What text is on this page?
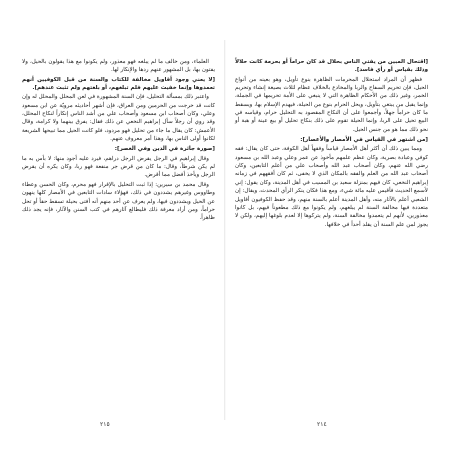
[اقتحال المبين من يفتي الناس بحلال قد كان حراماً أو بحرمة كانت حلالاً وذلك بقياس أو رأي فاسد].

فظهر أن المراد استحلال المحرمات الظاهرة بنوع تأويل، وهو بعينه من أنواع الحيل، فإن تحريم السفاح والربا والمخادع بالخلاف عظام لثلاث بصيغة إنشاء وتحريم الخمر، وغير ذلك من الأحكام الظاهرة التي لا ينبغي على الأمة تحريمها في الجملة، وإنما يقبل من يبتغي بتأويل، ويحل الحرام بنوع من الحيلة، فيهدم الإسلام بها، ويسقط ما كان حراماً جهلاً، وأجمعوا على أن النكاح المقصود به التحليل حرام، وقياسه في البيع تحيل على الربا، وإنما الحيلة تقوم على ذلك بنكاح تحليل أو بيع عينة أو هبة أو نحو ذلك مما هو من جنس الحيل.

[من اشتهر في القياس في الأمصار والأعصار]:

ومما يبين ذلك أن أكثر أهل الأمصار قياساً وفقهاً أهل الكوفة، حتى كان يقال: فقه كوفي وعبادة بصرية، وكان عظم علمهم مأخوذ عن عمر وعلي وعبد الله بن مسعود رضي الله عنهم، وكان أصحاب عبد الله وأصحاب علي من أعلم التابعين، وكان أصحاب عبد الله من العلم والفقه بالمكان الذي لا يخفى، ثم كان أفقههم في زمانه إبراهيم النخعي، كان فيهم بمنزلة سعيد بن المسيب في أهل المدينة، وكان يقول: إني لأسمع الحديث فأقيس عليه مائة شيء، ومع هذا فكان ينكر الرأي المحدث، ويقال: إن الشعبي أعلم بالآثار منه، وأهل المدينة أعلم بالسنة منهم، وقد حفظ الكوفيون أقاويل متعددة فيها مخالفة السنة لم يبلغهم، ولم يكونوا مع ذلك مطعوناً فيهم، بل كانوا معذورين، لأنهم لم يتعمدوا مخالفة السنة، ولم يتركوها إلا لعدم بلوغها إليهم، ولكن لا يجوز لمن علم السنة أن يقلد أحداً في خلافها.

٢١٤

العلماء، ومن خالف ما لم يبلغه فهو معذور، ولم يكونوا مع هذا يقولون بالحيل، ولا يفتون بها، بل المشهور عنهم ردها والإنكار لها.

[لا يعني وجود أقاويل مخالفة للكتاب والسنة من قبل الكوفيين أنهم تعمدوها وإنما خفيت عليهم فلم تبلغهم، أو بلغتهم ولم تثبت عندهم].

واعتبر ذلك بمسألة التحليل، فإن السنة المشهورة في لعن المحلل والمحلل له وإن كانت قد خرجت من الحرمين ومن العراق، فإن أشهر أحاديثه مرويّة عن ابن مسعود وعلي، وكان أصحاب ابن مسعود وأصحاب علي من أشد الناس إنكاراً لنكاح المحلل، وقد روي أن رجلاً سأل إبراهيم النخعي عن ذلك فقال: يفرق بينهما ولا كرامة، وقال الأعمش: كان يقال ما جاء من تحليل فهو مردود، فلو كانت الحيل مما تبيحها الشريعة لكانوا أولى الناس بها، وهذا أمر معروف عنهم.

[صورة جائرة في الدين وفي العصر]:

وقال إبراهيم في الرجل يقرض الرجل دراهم، فيرد عليه أجود منها: لا بأس به ما لم يكن شرطاً، وقال: ما كان من قرض جر منفعة فهو ربا، وكان يكره أن يقرض الرجل ويأخذ أفضل مما أقرض.

وقال محمد بن سيرين: إذا ثبت التحليل بالإقرار فهو محرم، وكان الحسن وعطاء وطاووس وغيرهم يشددون في ذلك، فهؤلاء سادات التابعين في الأمصار كلها ينهون عن الحيل ويشددون فيها، ولم يعرف عن أحد منهم أنه أفتى بحيلة تسقط حقاً أو تحل حراماً، ومن أراد معرفة ذلك فليطالع آثارهم في كتب السنن والآثار، فإنه يجد ذلك ظاهراً.

٢١٥
